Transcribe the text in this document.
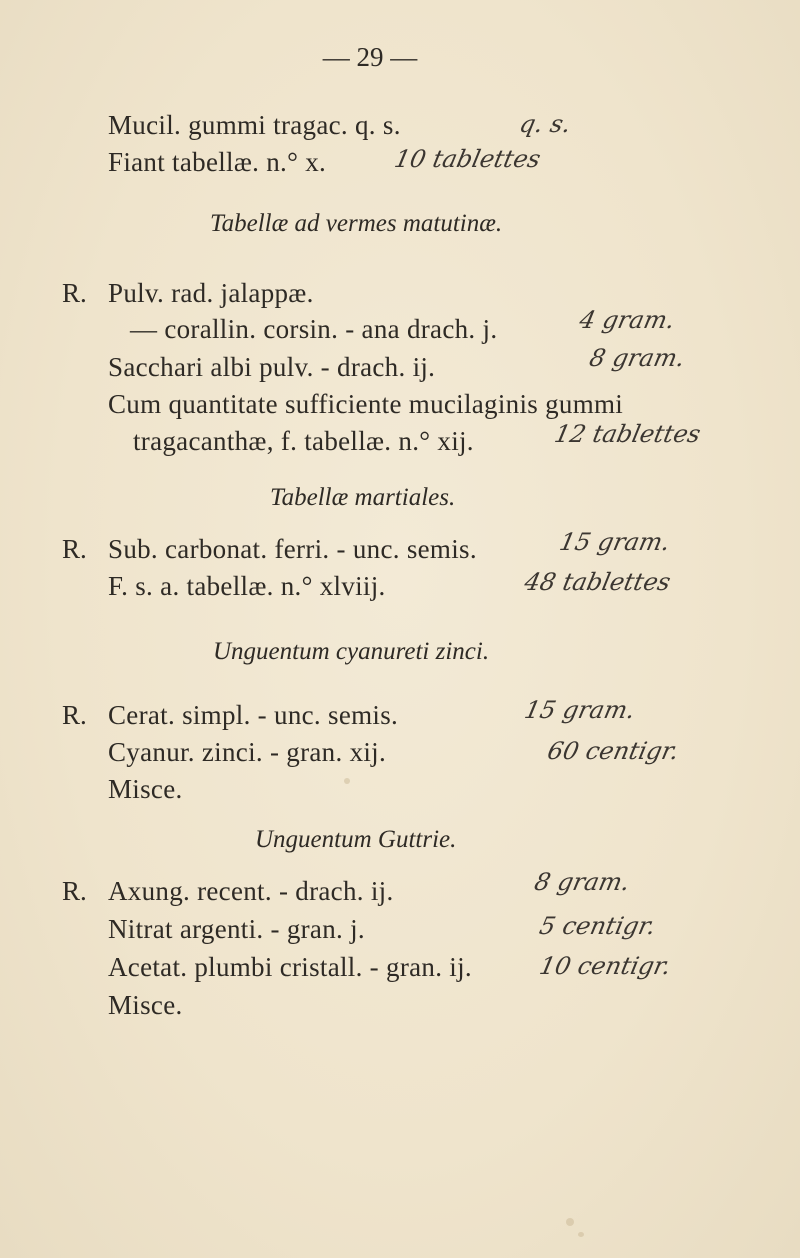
— 29 —
Mucil. gummi tragac. q. s.
Fiant tabellæ. n.° x.
q. s.
10 tablettes
Tabellæ ad vermes matutinæ.
R. Pulv. rad. jalappæ.
— corallin. corsin. - ana drach. j.
Sacchari albi pulv. - drach. ij.
Cum quantitate sufficiente mucilaginis gummi
tragacanthæ, f. tabellæ. n.° xij.
4 gram.
8 gram.
12 tablettes
Tabellæ martiales.
R. Sub. carbonat. ferri. - unc. semis.
F. s. a. tabellæ. n.° xlviij.
15 gram.
48 tablettes
Unguentum cyanureti zinci.
R. Cerat. simpl. - unc. semis.
Cyanur. zinci. - gran. xij.
Misce.
15 gram.
60 centigr.
Unguentum Guttrie.
R. Axung. recent. - drach. ij.
Nitrat argenti. - gran. j.
Acetat. plumbi cristall. - gran. ij.
Misce.
8 gram.
5 centigr.
10 centigr.
